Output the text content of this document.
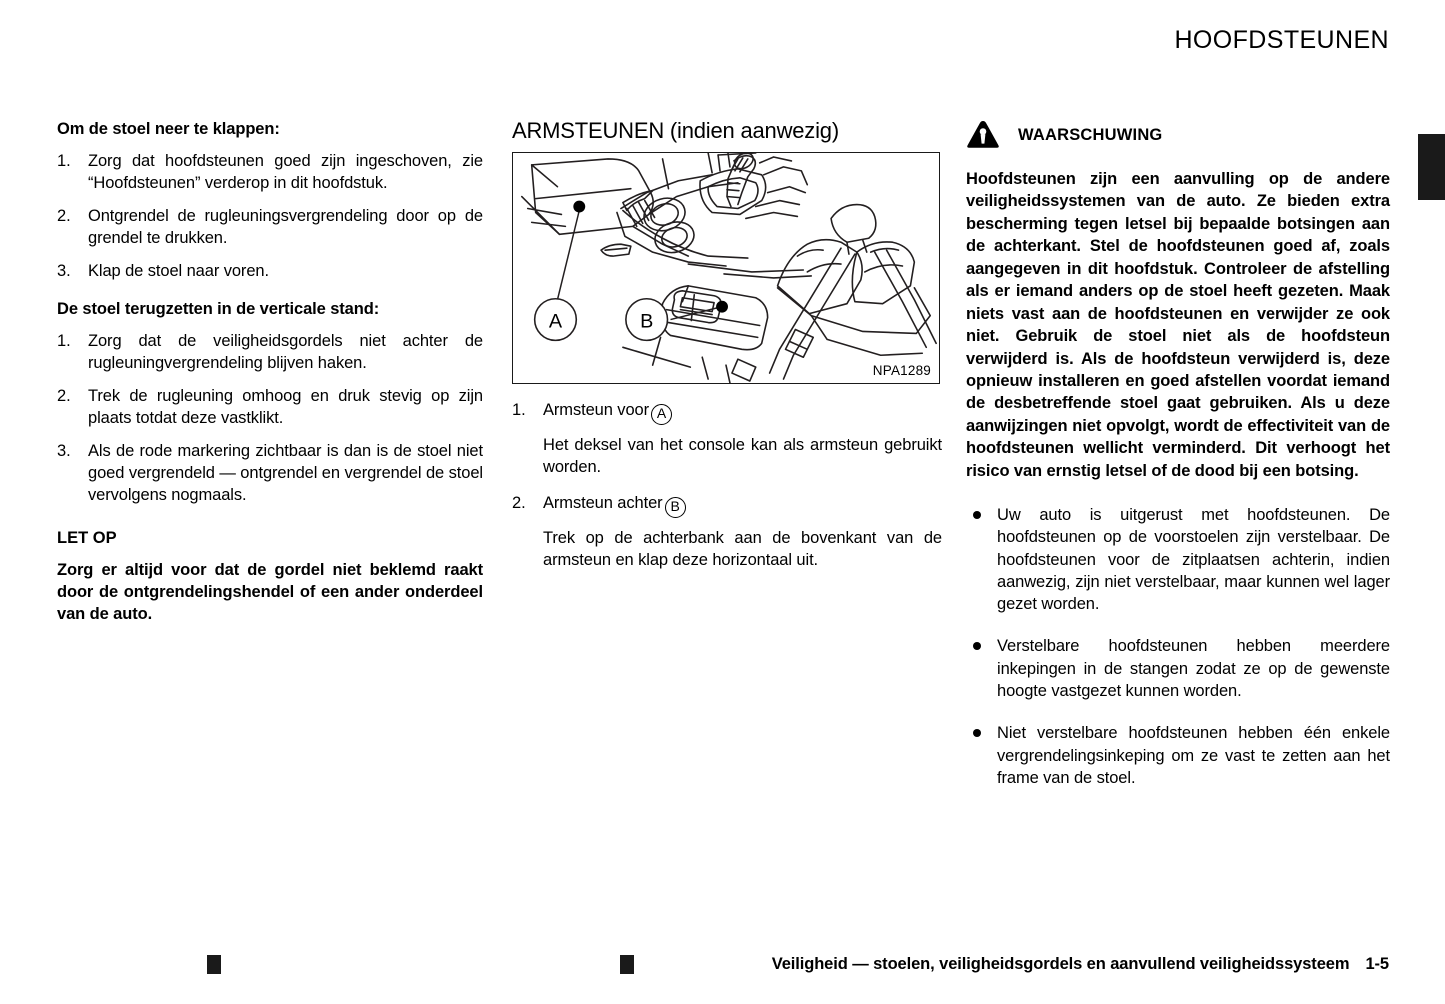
HOOFDSTEUNEN
Om de stoel neer te klappen:
1.	Zorg dat hoofdsteunen goed zijn ingeschoven, zie “Hoofdsteunen” verderop in dit hoofdstuk.
2.	Ontgrendel de rugleuningsvergrendeling door op de grendel te drukken.
3.	Klap de stoel naar voren.
De stoel terugzetten in de verticale stand:
1.	Zorg dat de veiligheidsgordels niet achter de rugleuningvergrendeling blijven haken.
2.	Trek de rugleuning omhoog en druk stevig op zijn plaats totdat deze vastklikt.
3.	Als de rode markering zichtbaar is dan is de stoel niet goed vergrendeld — ontgrendel en vergrendel de stoel vervolgens nogmaals.
LET OP
Zorg er altijd voor dat de gordel niet beklemd raakt door de ontgrendelingshendel of een ander onderdeel van de auto.
ARMSTEUNEN (indien aanwezig)
A	B
NPA1289
1.	Armsteun voor A
Het deksel van het console kan als armsteun gebruikt worden.
2.	Armsteun achter B
Trek op de achterbank aan de bovenkant van de armsteun en klap deze horizontaal uit.
WAARSCHUWING
Hoofdsteunen zijn een aanvulling op de andere veiligheidssystemen van de auto. Ze bieden extra bescherming tegen letsel bij bepaalde botsingen aan de achterkant. Stel de hoofdsteunen goed af, zoals aangegeven in dit hoofdstuk. Controleer de afstelling als er iemand anders op de stoel heeft gezeten. Maak niets vast aan de hoofdsteunen en verwijder ze ook niet. Gebruik de stoel niet als de hoofdsteun verwijderd is. Als de hoofdsteun verwijderd is, deze opnieuw installeren en goed afstellen voordat iemand de desbetreffende stoel gaat gebruiken. Als u deze aanwijzingen niet opvolgt, wordt de effectiviteit van de hoofdsteunen wellicht verminderd. Dit verhoogt het risico van ernstig letsel of de dood bij een botsing.
Uw auto is uitgerust met hoofdsteunen. De hoofdsteunen op de voorstoelen zijn verstelbaar. De hoofdsteunen voor de zitplaatsen achterin, indien aanwezig, zijn niet verstelbaar, maar kunnen wel lager gezet worden.
Verstelbare hoofdsteunen hebben meerdere inkepingen in de stangen zodat ze op de gewenste hoogte vastgezet kunnen worden.
Niet verstelbare hoofdsteunen hebben één enkele vergrendelingsinkeping om ze vast te zetten aan het frame van de stoel.
Veiligheid — stoelen, veiligheidsgordels en aanvullend veiligheidssysteem 1-5
